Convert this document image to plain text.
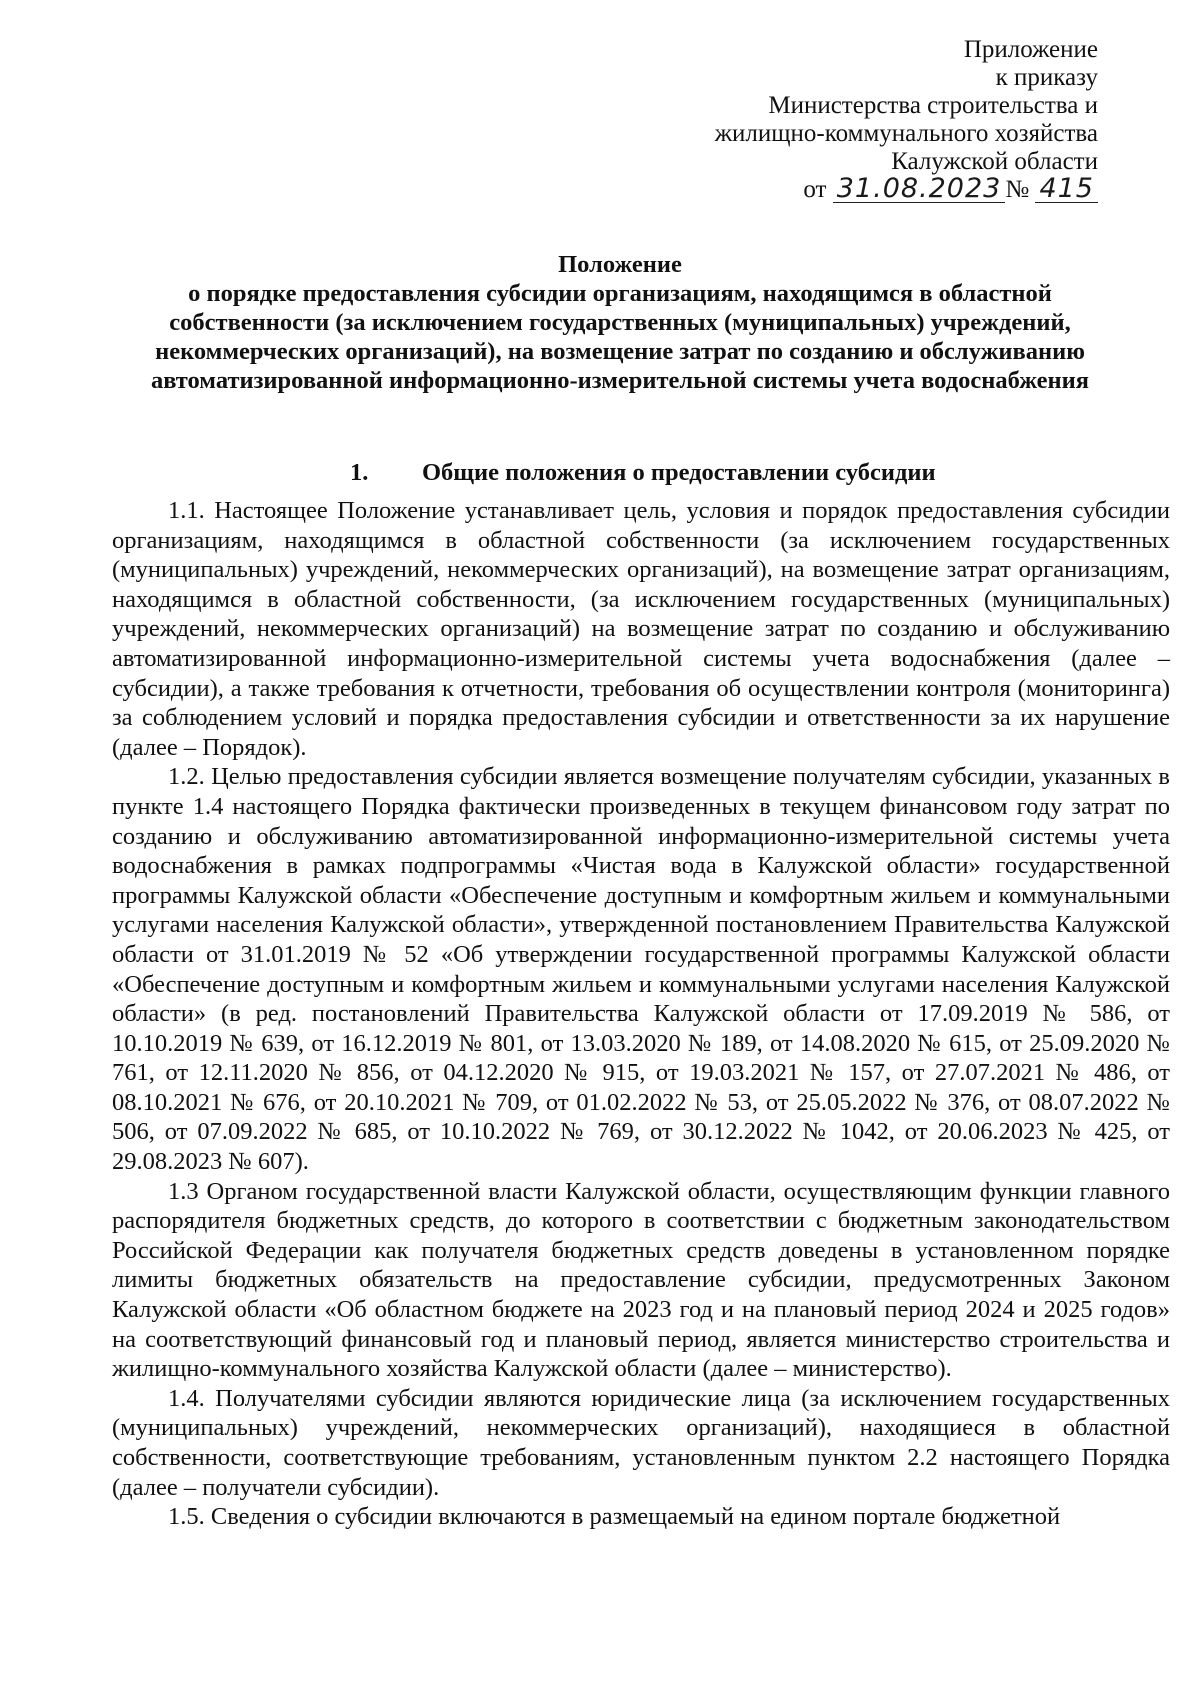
Приложение
к приказу
Министерства строительства и
жилищно-коммунального хозяйства
Калужской области
от 31.08.2023 № 415
Положение
о порядке предоставления субсидии организациям, находящимся в областной
собственности (за исключением государственных (муниципальных) учреждений,
некоммерческих организаций), на возмещение затрат по созданию и обслуживанию
автоматизированной информационно-измерительной системы учета водоснабжения
1. Общие положения о предоставлении субсидии

1.1. Настоящее Положение устанавливает цель, условия и порядок предоставления субсидии организациям, находящимся в областной собственности (за исключением государственных (муниципальных) учреждений, некоммерческих организаций), на возмещение затрат организациям, находящимся в областной собственности, (за исключением государственных (муниципальных) учреждений, некоммерческих организаций) на возмещение затрат по созданию и обслуживанию автоматизированной информационно-измерительной системы учета водоснабжения (далее – субсидии), а также требования к отчетности, требования об осуществлении контроля (мониторинга) за соблюдением условий и порядка предоставления субсидии и ответственности за их нарушение (далее – Порядок).

1.2. Целью предоставления субсидии является возмещение получателям субсидии, указанных в пункте 1.4 настоящего Порядка фактически произведенных в текущем финансовом году затрат по созданию и обслуживанию автоматизированной информационно-измерительной системы учета водоснабжения в рамках подпрограммы «Чистая вода в Калужской области» государственной программы Калужской области «Обеспечение доступным и комфортным жильем и коммунальными услугами населения Калужской области», утвержденной постановлением Правительства Калужской области от 31.01.2019 № 52 «Об утверждении государственной программы Калужской области «Обеспечение доступным и комфортным жильем и коммунальными услугами населения Калужской области» (в ред. постановлений Правительства Калужской области от 17.09.2019 № 586, от 10.10.2019 № 639, от 16.12.2019 № 801, от 13.03.2020 № 189, от 14.08.2020 № 615, от 25.09.2020 № 761, от 12.11.2020 № 856, от 04.12.2020 № 915, от 19.03.2021 № 157, от 27.07.2021 № 486, от 08.10.2021 № 676, от 20.10.2021 № 709, от 01.02.2022 № 53, от 25.05.2022 № 376, от 08.07.2022 № 506, от 07.09.2022 № 685, от 10.10.2022 № 769, от 30.12.2022 № 1042, от 20.06.2023 № 425, от 29.08.2023 № 607).

1.3 Органом государственной власти Калужской области, осуществляющим функции главного распорядителя бюджетных средств, до которого в соответствии с бюджетным законодательством Российской Федерации как получателя бюджетных средств доведены в установленном порядке лимиты бюджетных обязательств на предоставление субсидии, предусмотренных Законом Калужской области «Об областном бюджете на 2023 год и на плановый период 2024 и 2025 годов» на соответствующий финансовый год и плановый период, является министерство строительства и жилищно-коммунального хозяйства Калужской области (далее – министерство).

1.4. Получателями субсидии являются юридические лица (за исключением государственных (муниципальных) учреждений, некоммерческих организаций), находящиеся в областной собственности, соответствующие требованиям, установленным пунктом 2.2 настоящего Порядка (далее – получатели субсидии).

1.5. Сведения о субсидии включаются в размещаемый на едином портале бюджетной
